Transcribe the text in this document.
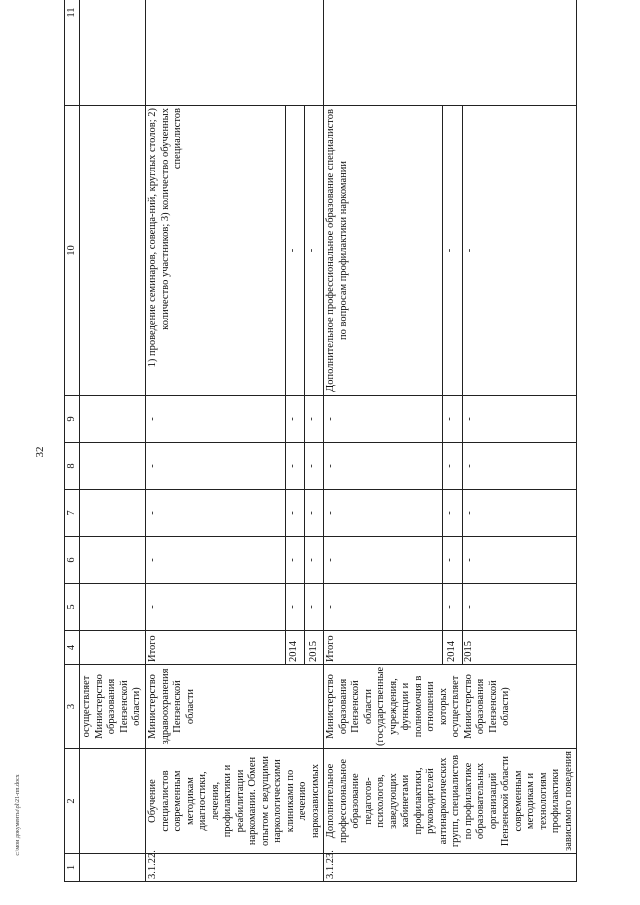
32
c:\мои документы\pl\21-пп.docx
1	2	3	4	5	6	7	8	9	10	11
		осуществляет Министерство образования Пензенской области)								
3.1.22.	Обучение специалистов современным методикам диагностики, лечения, профилактики и реабилитации наркомании. Обмен опытом с ведущими наркологическими клиниками по лечению наркозависимых	Министерство здравоохранения Пензенской области	Итого	-	-	-	-	-	1) проведение семинаров, совеща-ний, круглых столов; 2) количество участников; 3) количество обученных специалистов	
			2014	-	-	-	-	-	-	
			2015	-	-	-	-	-	-	
3.1.23.	Дополнительное профессиональное образование педагогов-психологов, заведующих кабинетами профилактики, руководителей антинаркотических групп, специалистов по профилактике образовательных организаций Пензенской области современным методикам и технологиям профилактики зависимого поведения	Министерство образования Пензенской области (государственные учреждения, функции и полномочия в отношении которых осуществляет Министерство образования Пензенской области)	Итого	-	-	-	-	-	Дополнительное профессиональное образование специалистов по вопросам профилактики наркомании	
			2014	-	-	-	-	-	-	
			2015	-	-	-	-	-	-	
